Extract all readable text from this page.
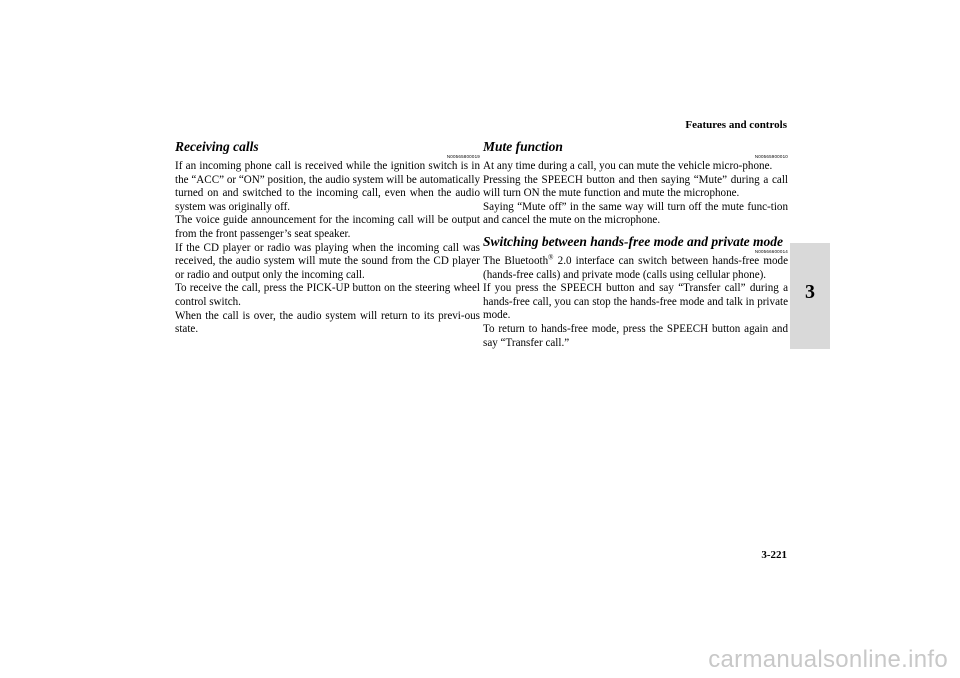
Features and controls
3
Receiving calls
N00565800019

If an incoming phone call is received while the ignition switch is in the “ACC” or “ON” position, the audio system will be automatically turned on and switched to the incoming call, even when the audio system was originally off.

The voice guide announcement for the incoming call will be output from the front passenger’s seat speaker.

If the CD player or radio was playing when the incoming call was received, the audio system will mute the sound from the CD player or radio and output only the incoming call.

To receive the call, press the PICK-UP button on the steering wheel control switch.

When the call is over, the audio system will return to its previ-ous state.

Mute function
N00565900010

At any time during a call, you can mute the vehicle micro-phone.

Pressing the SPEECH button and then saying “Mute” during a call will turn ON the mute function and mute the microphone.

Saying “Mute off” in the same way will turn off the mute func-tion and cancel the mute on the microphone.

Switching between hands-free mode and private mode
N00566600014

The Bluetooth® 2.0 interface can switch between hands-free mode (hands-free calls) and private mode (calls using cellular phone).

If you press the SPEECH button and say “Transfer call” during a hands-free call, you can stop the hands-free mode and talk in private mode.

To return to hands-free mode, press the SPEECH button again and say “Transfer call.”

3-221
carmanualsonline.info
